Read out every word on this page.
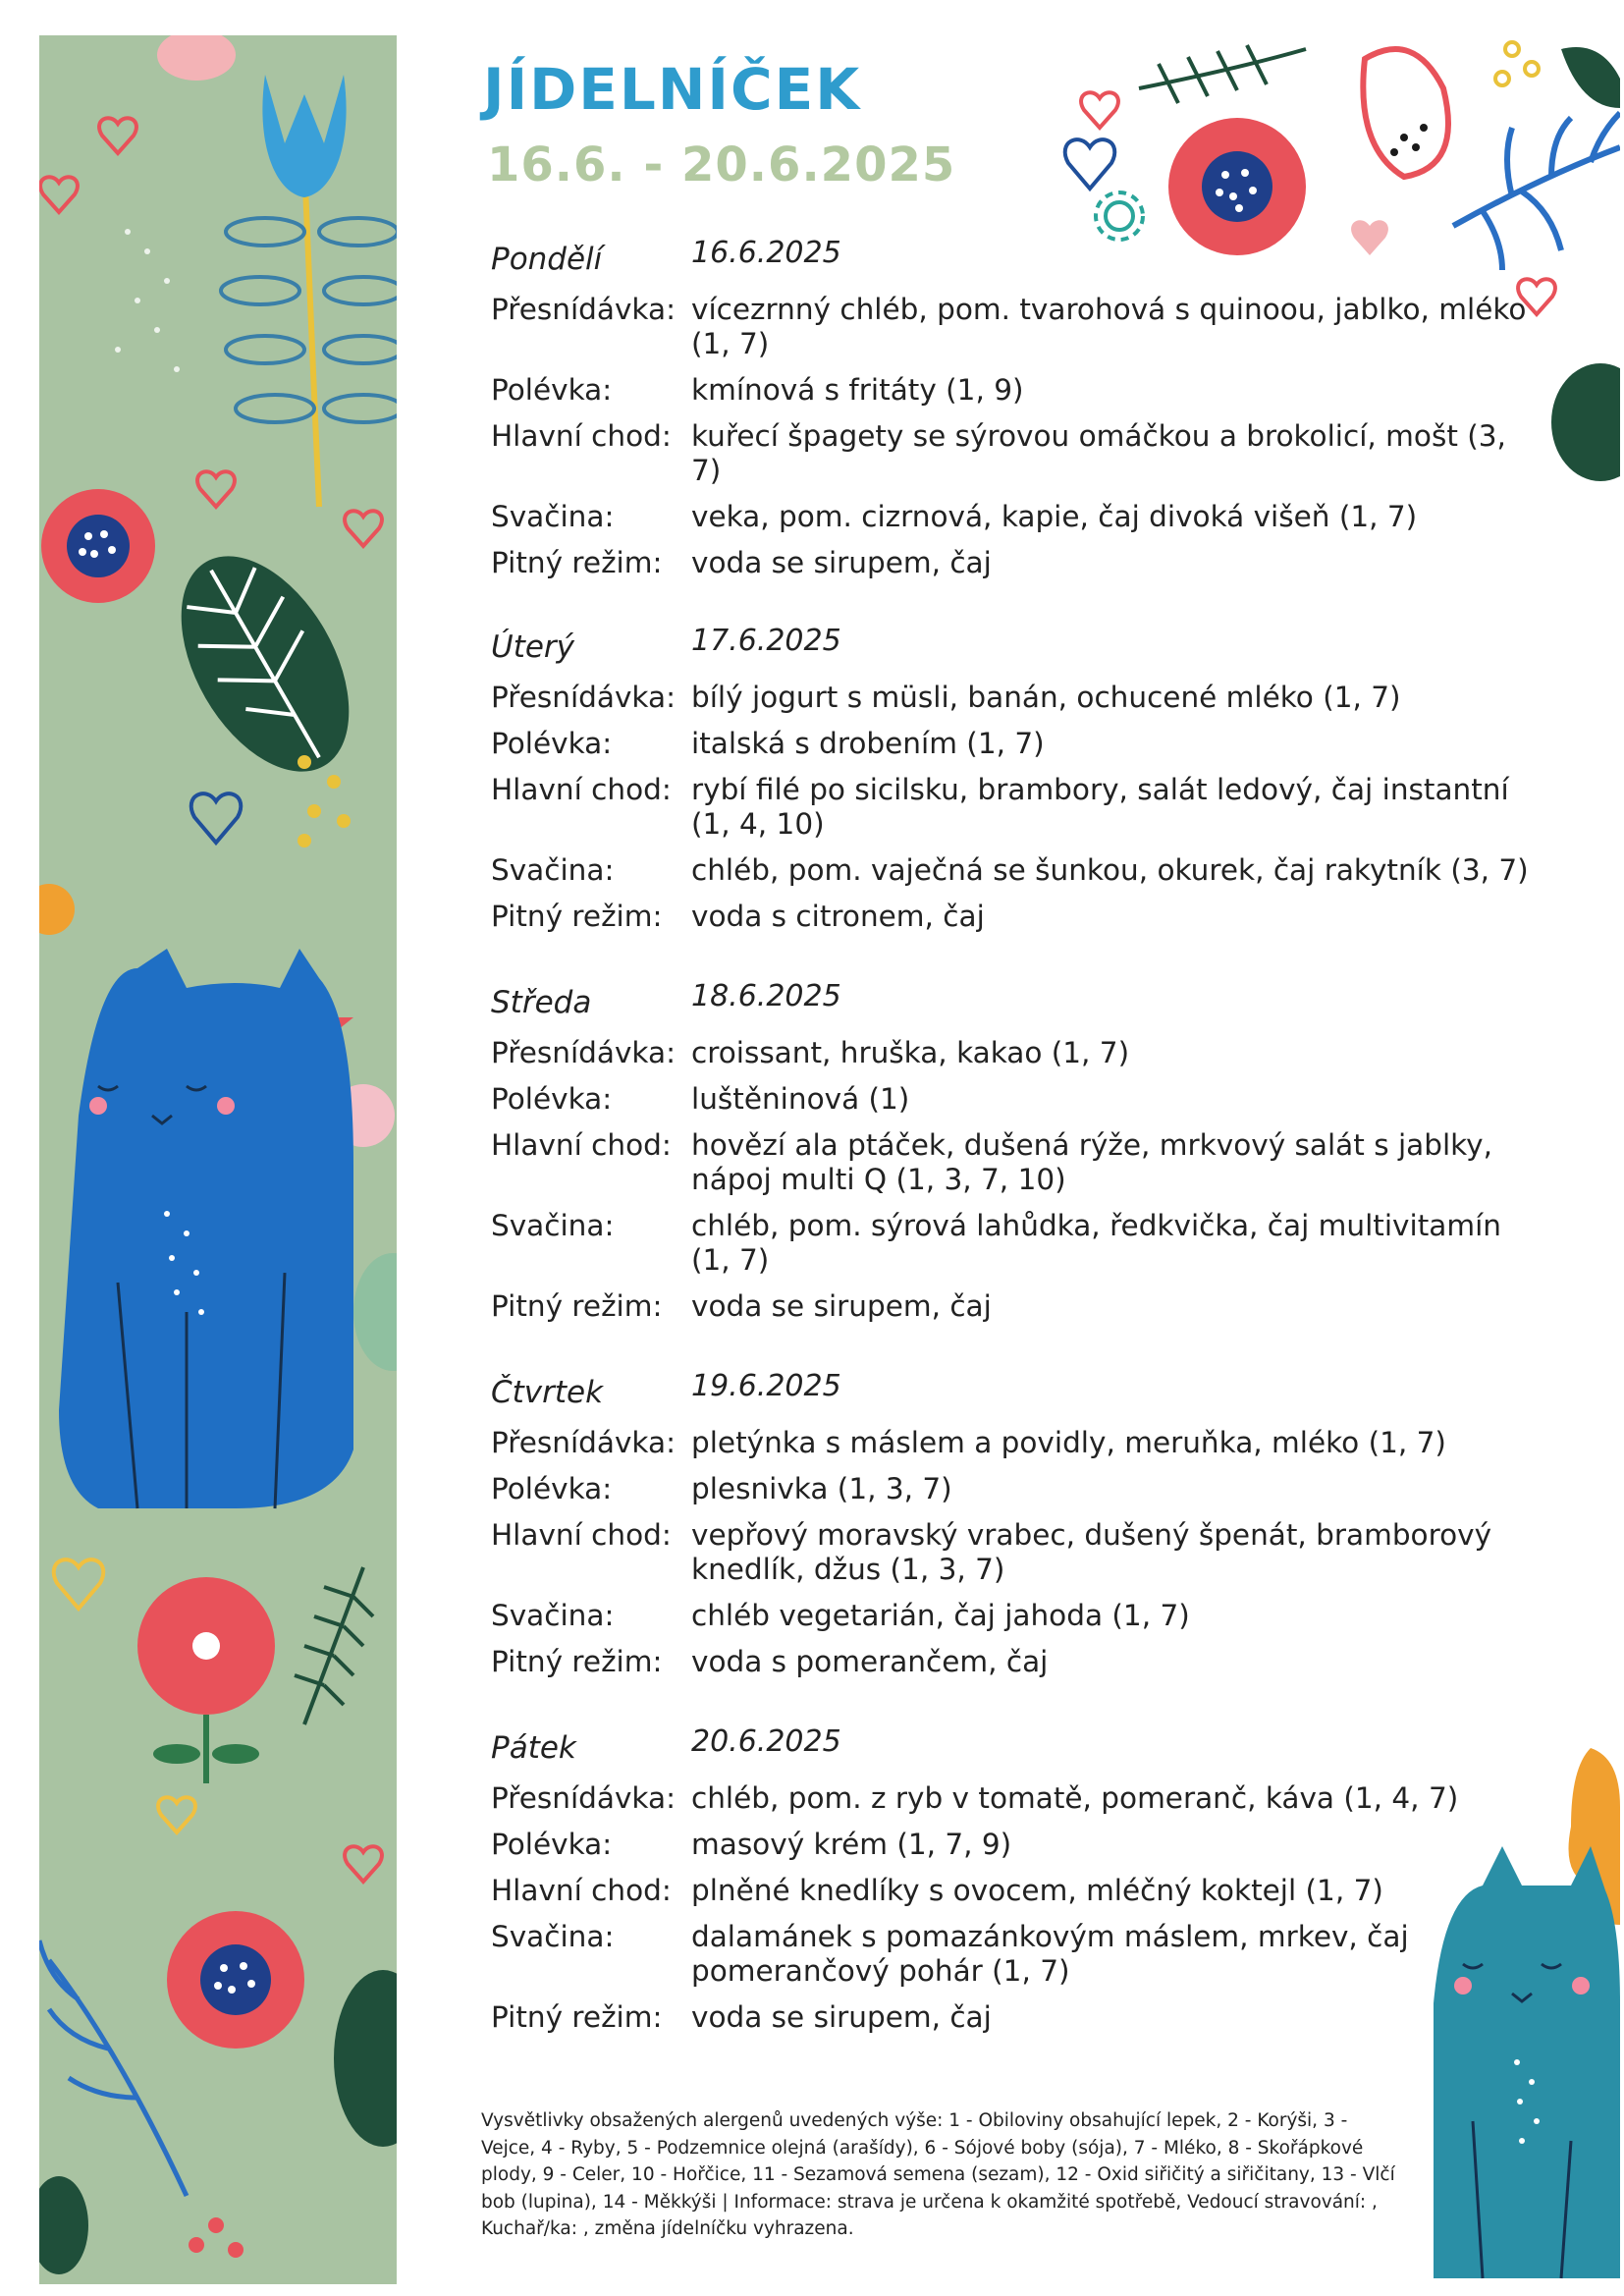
JÍDELNÍČEK
16.6. - 20.6.2025
Pondělí	16.6.2025
Přesnídávka: vícezrnný chléb, pom. tvarohová s quinoou, jablko, mléko (1, 7)
Polévka:	kmínová s fritáty (1, 9)
Hlavní chod: kuřecí špagety se sýrovou omáčkou a brokolicí, mošt (3, 7)
Svačina:	veka, pom. cizrnová, kapie, čaj divoká višeň (1, 7)
Pitný režim:	voda se sirupem, čaj
Úterý	17.6.2025
Přesnídávka: bílý jogurt s müsli, banán, ochucené mléko (1, 7)
Polévka:	italská s drobením (1, 7)
Hlavní chod: rybí filé po sicilsku, brambory, salát ledový, čaj instantní (1, 4, 10)
Svačina:	chléb, pom. vaječná se šunkou, okurek, čaj rakytník (3, 7)
Pitný režim:	voda s citronem, čaj
Středa	18.6.2025
Přesnídávka: croissant, hruška, kakao (1, 7)
Polévka:	luštěninová (1)
Hlavní chod: hovězí ala ptáček, dušená rýže, mrkvový salát s jablky, nápoj multi Q (1, 3, 7, 10)
Svačina:	chléb, pom. sýrová lahůdka, ředkvička, čaj multivitamín (1, 7)
Pitný režim:	voda se sirupem, čaj
Čtvrtek	19.6.2025
Přesnídávka: pletýnka s máslem a povidly, meruňka, mléko (1, 7)
Polévka:	plesnivka (1, 3, 7)
Hlavní chod: vepřový moravský vrabec, dušený špenát, bramborový knedlík, džus (1, 3, 7)
Svačina:	chléb vegetarián, čaj jahoda (1, 7)
Pitný režim:	voda s pomerančem, čaj
Pátek	20.6.2025
Přesnídávka: chléb, pom. z ryb v tomatě, pomeranč, káva (1, 4, 7)
Polévka:	masový krém (1, 7, 9)
Hlavní chod: plněné knedlíky s ovocem, mléčný koktejl (1, 7)
Svačina:	dalamánek s pomazánkovým máslem, mrkev, čaj pomerančový pohár (1, 7)
Pitný režim:	voda se sirupem, čaj
Vysvětlivky obsažených alergenů uvedených výše: 1 - Obiloviny obsahující lepek, 2 - Korýši, 3 - Vejce, 4 - Ryby, 5 - Podzemnice olejná (arašídy), 6 - Sójové boby (sója), 7 - Mléko, 8 - Skořápkové plody, 9 - Celer, 10 - Hořčice, 11 - Sezamová semena (sezam), 12 - Oxid siřičitý a siřičitany, 13 - Vlčí bob (lupina), 14 - Měkkýši | Informace: strava je určena k okamžité spotřebě, Vedoucí stravování: , Kuchař/ka: , změna jídelníčku vyhrazena.
